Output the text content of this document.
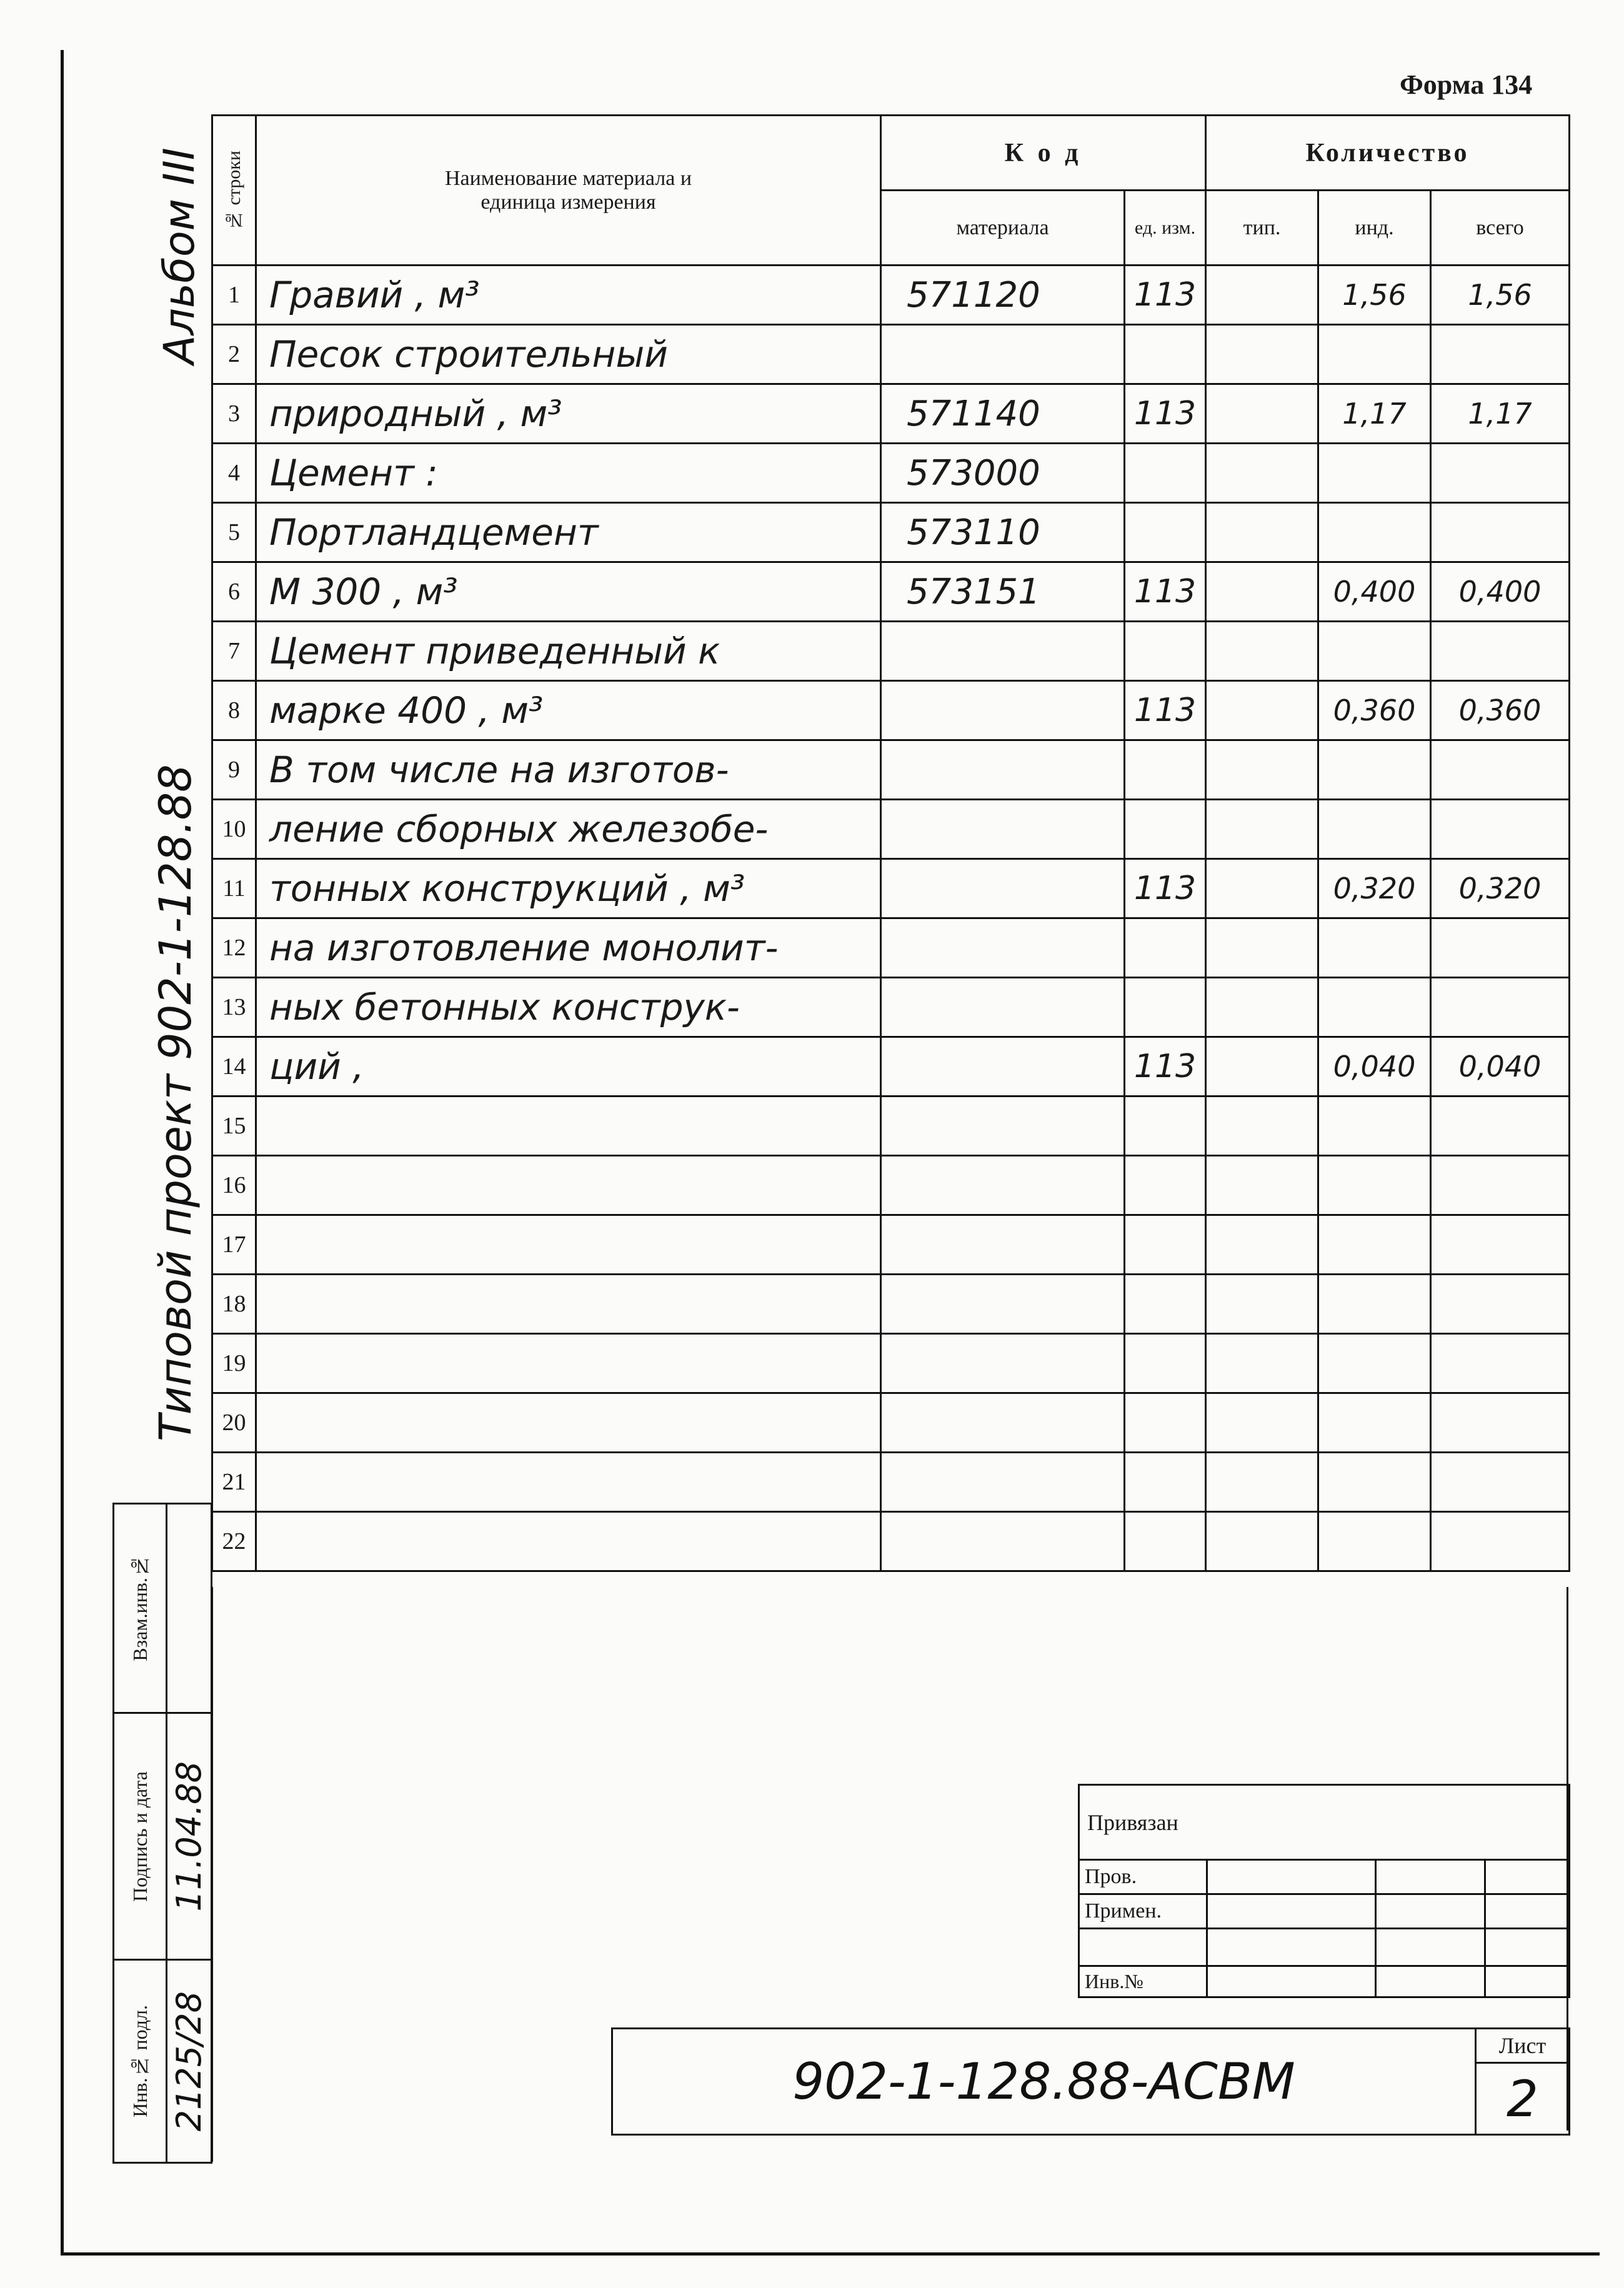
Форма 134
Альбом III
Типовой проект 902-1-128.88
№ строки	Наименование материала и единица измерения	К о д		Количество		
		материала	ед. изм.	тип.	инд.	всего
1	Гравий , м³	571120	113		1,56	1,56
2	Песок строительный					
3	природный , м³	571140	113		1,17	1,17
4	Цемент :	573000				
5	Портландцемент	573110				
6	М 300 , м³	573151	113		0,400	0,400
7	Цемент приведенный к					
8	марке 400 , м³		113		0,360	0,360
9	В том числе на изготов-					
10	ление сборных железобе-					
11	тонных конструкций , м³		113		0,320	0,320
12	на изготовление монолит-					
13	ных бетонных конструк-					
14	ций ,		113		0,040	0,040
15						
16						
17						
18						
19						
20						
21						
22						
Взам.инв.№	

Подпись и дата	11.04.88

Инв.№ подл.	2125/28
Привязан			
Пров.			
Примен.			

Инв.№			
902-1-128.88-АСВМ	Лист
2
